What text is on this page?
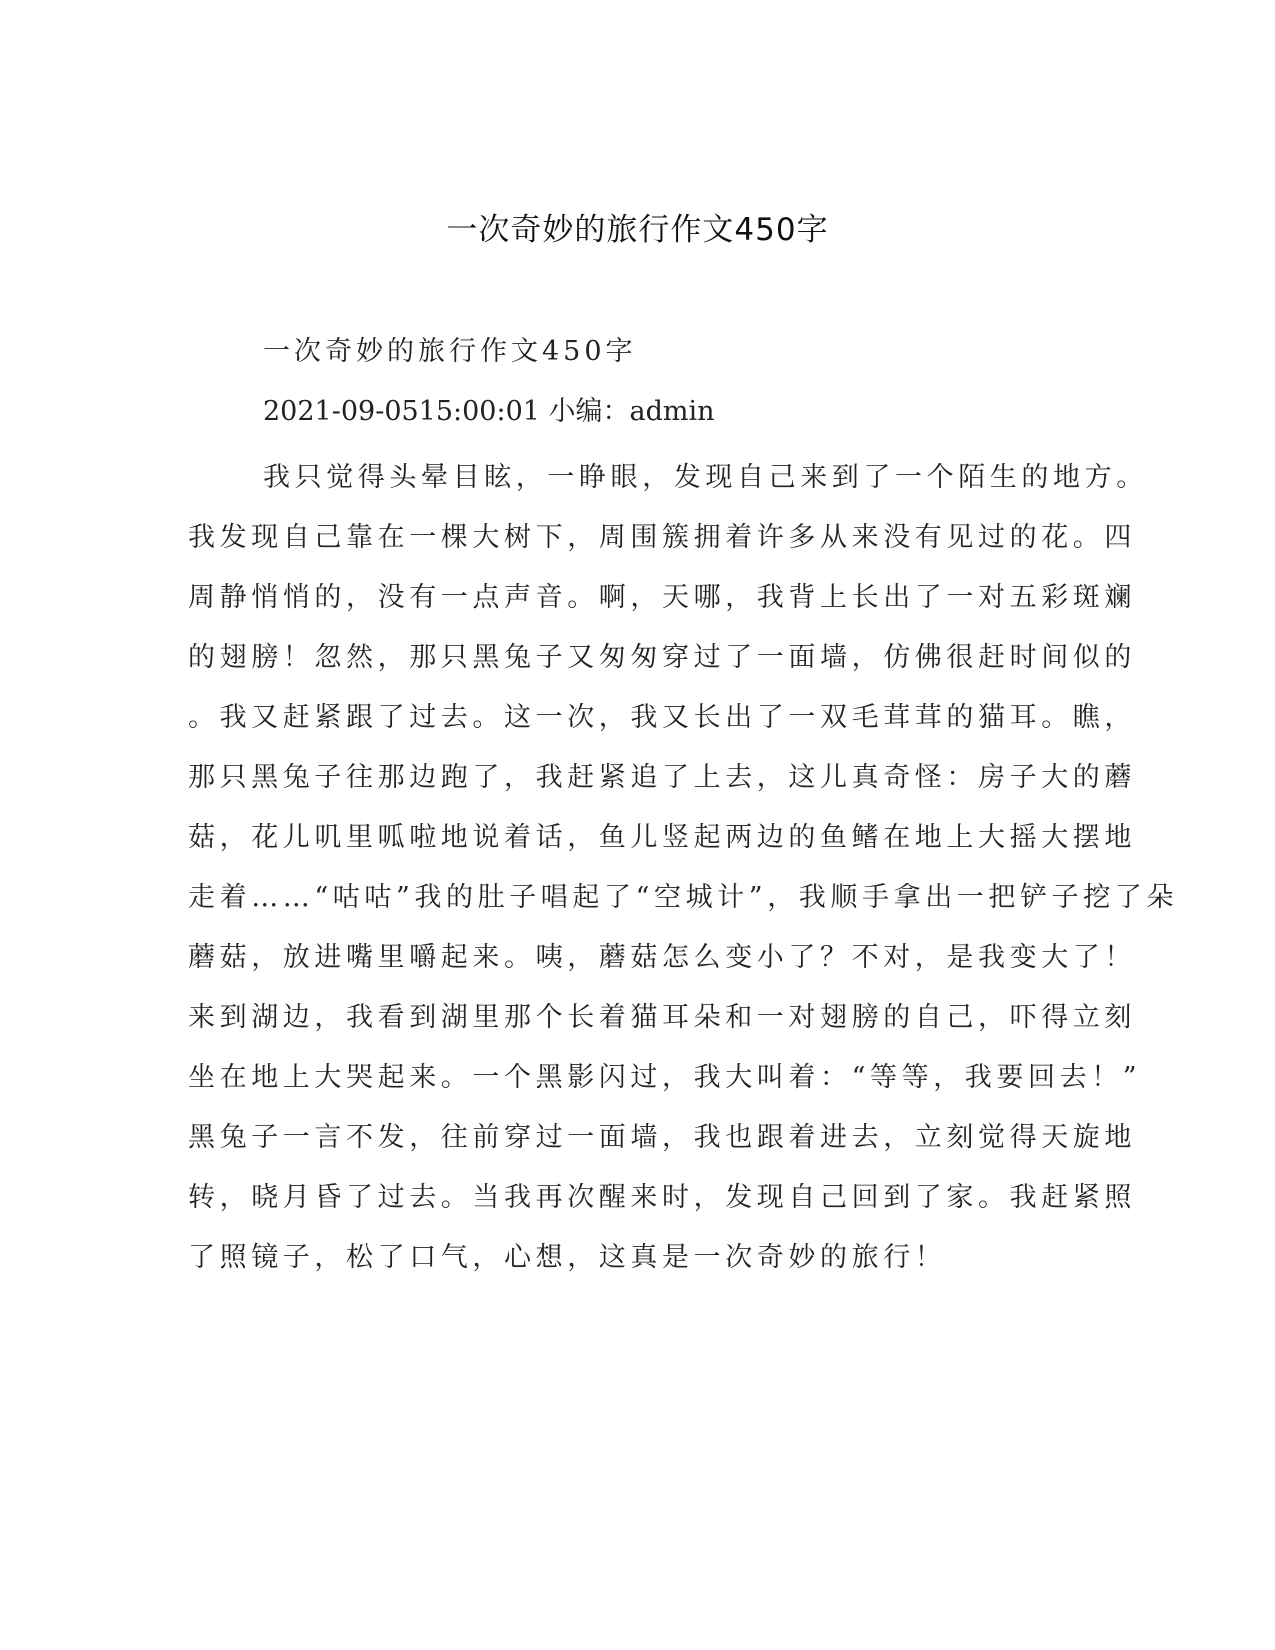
一次奇妙的旅行作文450字
一次奇妙的旅行作文450字
2021-09-0515:00:01 小编：admin
我只觉得头晕目眩，一睁眼，发现自己来到了一个陌生的地方。
我发现自己靠在一棵大树下，周围簇拥着许多从来没有见过的花。四
周静悄悄的，没有一点声音。啊，天哪，我背上长出了一对五彩斑斓
的翅膀！忽然，那只黑兔子又匆匆穿过了一面墙，仿佛很赶时间似的
。我又赶紧跟了过去。这一次，我又长出了一双毛茸茸的猫耳。瞧，
那只黑兔子往那边跑了，我赶紧追了上去，这儿真奇怪：房子大的蘑
菇，花儿叽里呱啦地说着话，鱼儿竖起两边的鱼鳍在地上大摇大摆地
走着……“咕咕”我的肚子唱起了“空城计”，我顺手拿出一把铲子挖了朵
蘑菇，放进嘴里嚼起来。咦，蘑菇怎么变小了？不对，是我变大了！
来到湖边，我看到湖里那个长着猫耳朵和一对翅膀的自己，吓得立刻
坐在地上大哭起来。一个黑影闪过，我大叫着：“等等，我要回去！”
黑兔子一言不发，往前穿过一面墙，我也跟着进去，立刻觉得天旋地
转，晓月昏了过去。当我再次醒来时，发现自己回到了家。我赶紧照
了照镜子，松了口气，心想，这真是一次奇妙的旅行！
